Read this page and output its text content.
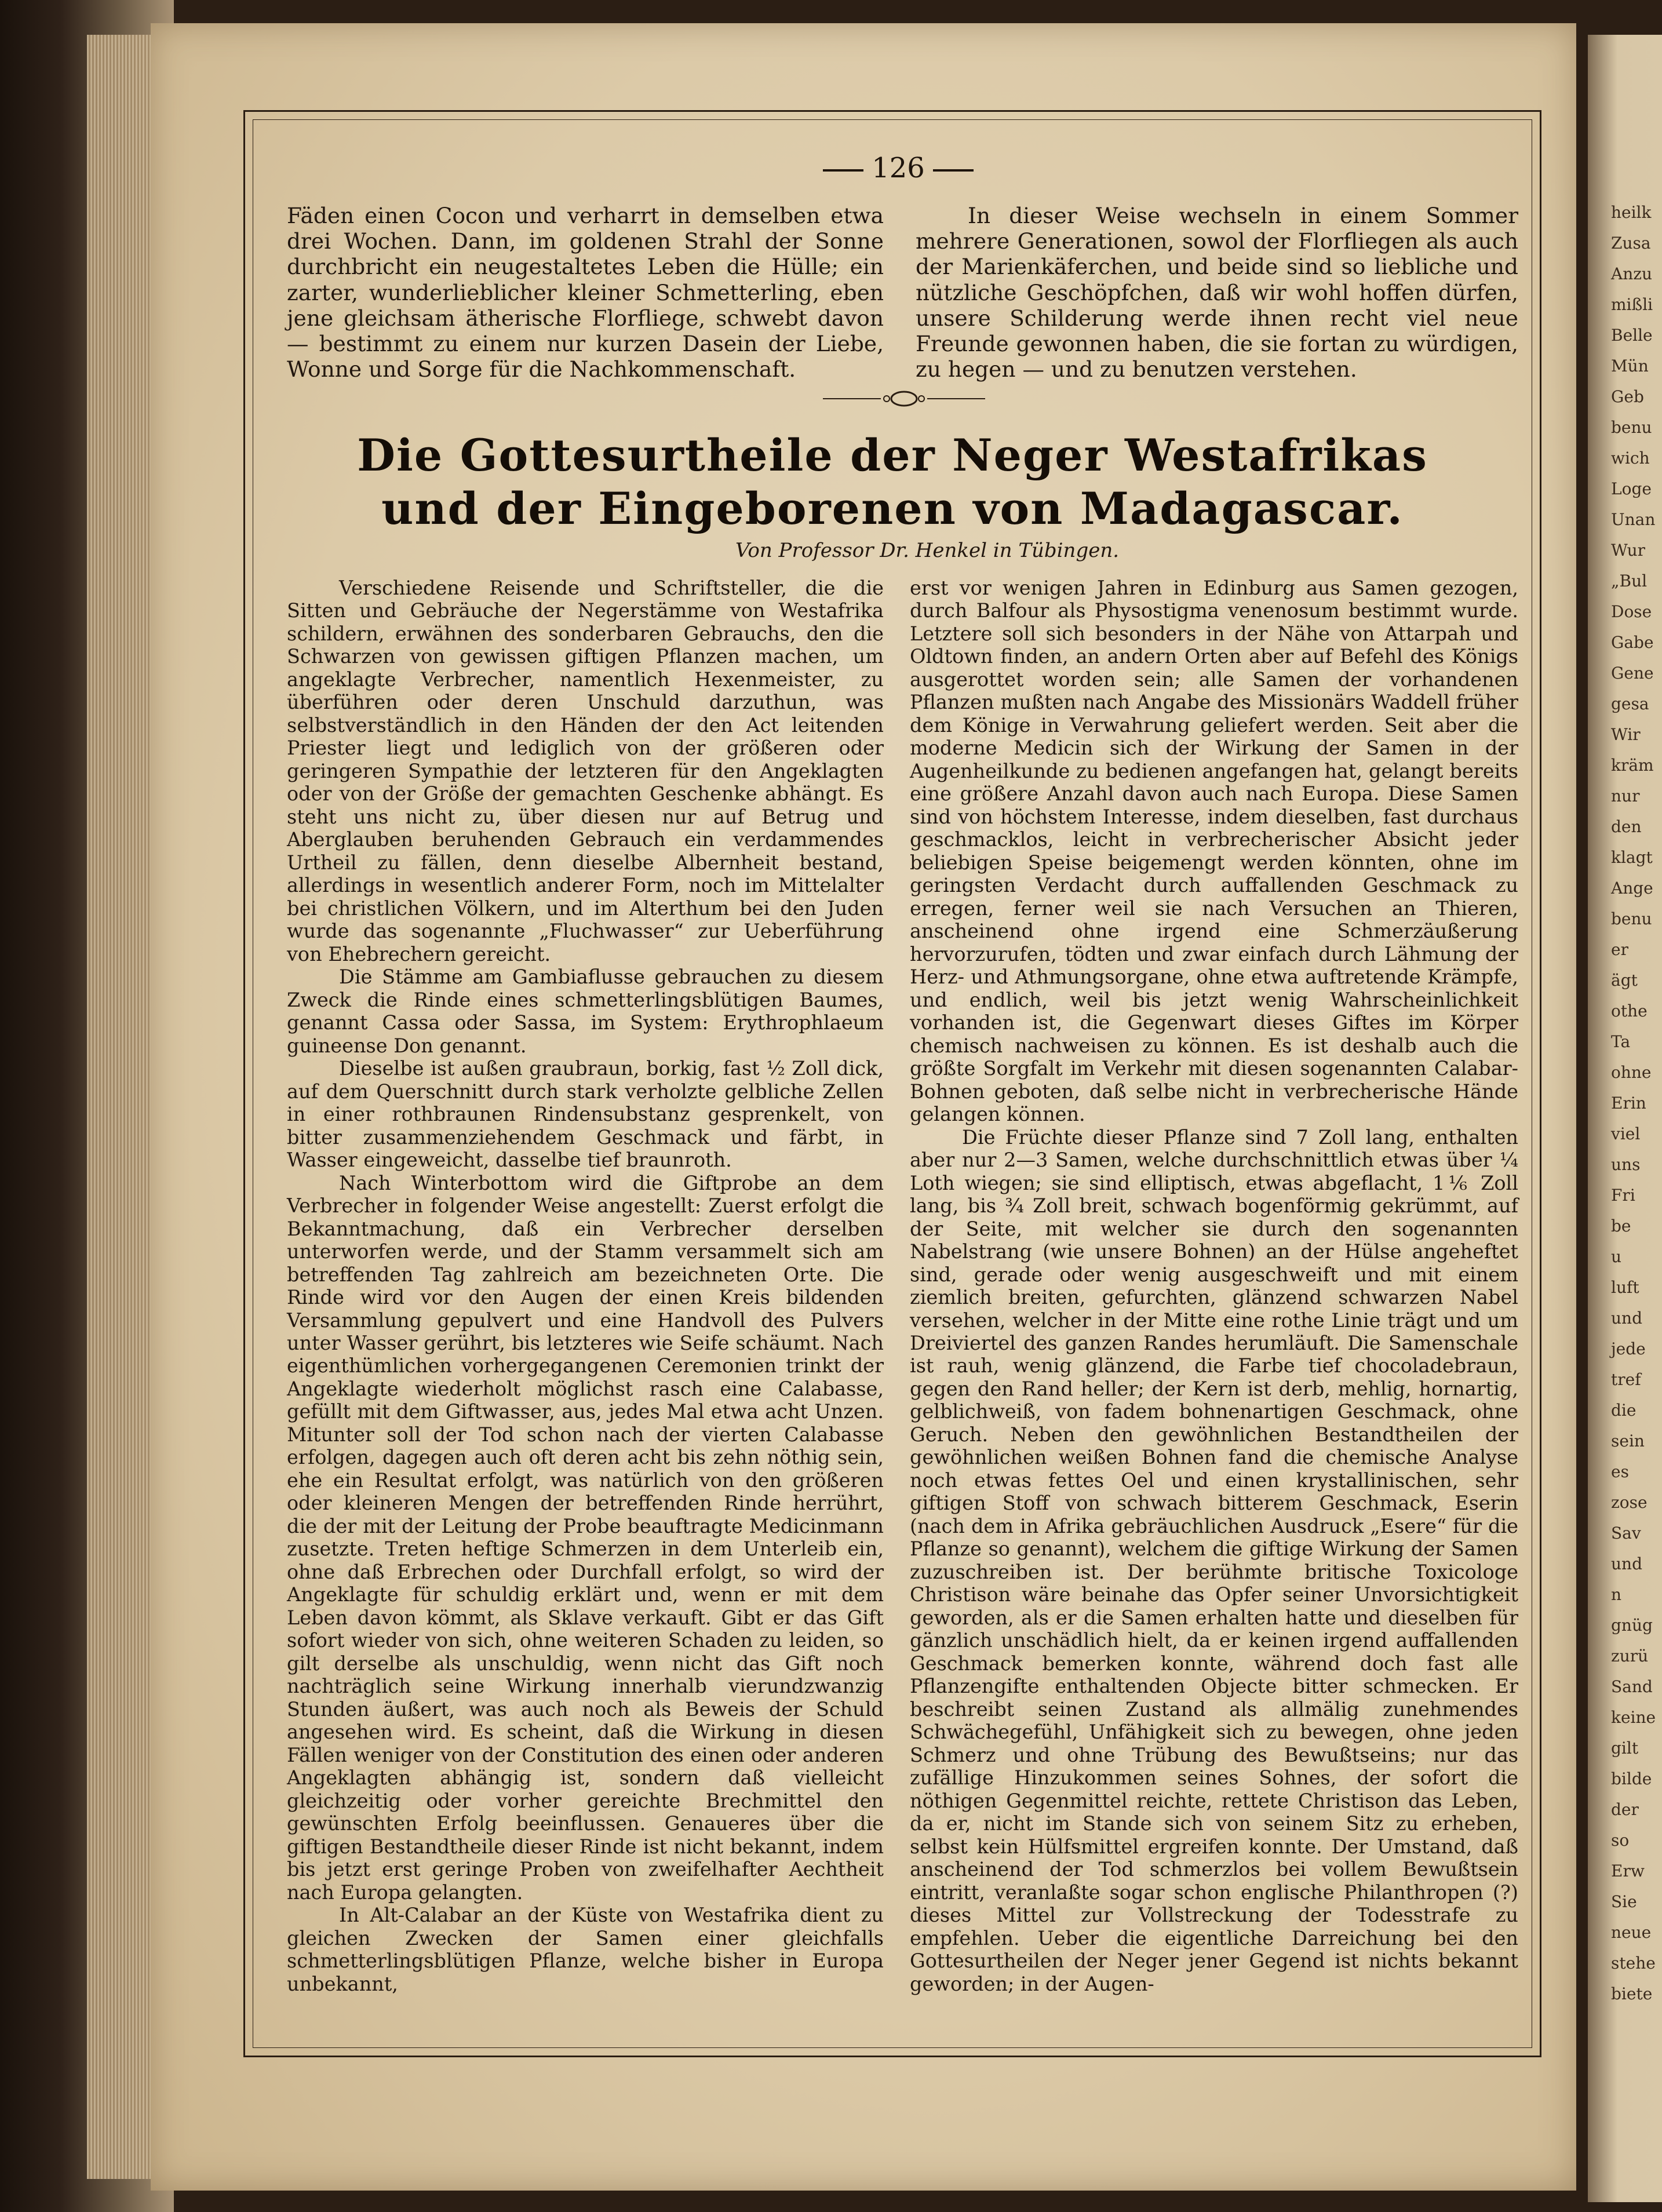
heilk
Zusa
Anzu
mißli
Belle
Mün
Geb
benu
wich
Loge
Unan
Wur
„Bul
Dose
Gabe
Gene
gesa
Wir
kräm
nur
den
klagt
Ange
benu
er
ägt
othe
Ta
ohne
Erin
viel
uns
Fri
be
u
luft
und
jede
tref
die
sein
es
zose
Sav
und
n
gnüg
zurü
Sand
keine
gilt
bilde
der
so
Erw
Sie
neue
stehe
biete
126

Fäden einen Cocon und verharrt in demselben etwa drei Wochen. Dann, im goldenen Strahl der Sonne durchbricht ein neugestaltetes Leben die Hülle; ein zarter, wunderlieblicher kleiner Schmetterling, eben jene gleichsam ätherische Florfliege, schwebt davon — bestimmt zu einem nur kurzen Dasein der Liebe, Wonne und Sorge für die Nachkommenschaft.

In dieser Weise wechseln in einem Sommer mehrere Generationen, sowol der Florfliegen als auch der Marienkäferchen, und beide sind so liebliche und nützliche Geschöpfchen, daß wir wohl hoffen dürfen, unsere Schilderung werde ihnen recht viel neue Freunde gewonnen haben, die sie fortan zu würdigen, zu hegen — und zu benutzen verstehen.

Die Gottesurtheile der Neger Westafrikas und der Eingeborenen von Madagascar.
Von Professor Dr. Henkel in Tübingen.

Verschiedene Reisende und Schriftsteller, die die Sitten und Gebräuche der Negerstämme von Westafrika schildern, erwähnen des sonderbaren Gebrauchs, den die Schwarzen von gewissen giftigen Pflanzen machen, um angeklagte Verbrecher, namentlich Hexenmeister, zu überführen oder deren Unschuld darzuthun, was selbstverständlich in den Händen der den Act leitenden Priester liegt und lediglich von der größeren oder geringeren Sympathie der letzteren für den Angeklagten oder von der Größe der gemachten Geschenke abhängt. Es steht uns nicht zu, über diesen nur auf Betrug und Aberglauben beruhenden Gebrauch ein verdammendes Urtheil zu fällen, denn dieselbe Albernheit bestand, allerdings in wesentlich anderer Form, noch im Mittelalter bei christlichen Völkern, und im Alterthum bei den Juden wurde das sogenannte „Fluchwasser“ zur Ueberführung von Ehebrechern gereicht.

Die Stämme am Gambiaflusse gebrauchen zu diesem Zweck die Rinde eines schmetterlingsblütigen Baumes, genannt Cassa oder Sassa, im System: Erythrophlaeum guineense Don genannt.

Dieselbe ist außen graubraun, borkig, fast ½ Zoll dick, auf dem Querschnitt durch stark verholzte gelbliche Zellen in einer rothbraunen Rindensubstanz gesprenkelt, von bitter zusammenziehendem Geschmack und färbt, in Wasser eingeweicht, dasselbe tief braunroth.

Nach Winterbottom wird die Giftprobe an dem Verbrecher in folgender Weise angestellt: Zuerst erfolgt die Bekanntmachung, daß ein Verbrecher derselben unterworfen werde, und der Stamm versammelt sich am betreffenden Tag zahlreich am bezeichneten Orte. Die Rinde wird vor den Augen der einen Kreis bildenden Versammlung gepulvert und eine Handvoll des Pulvers unter Wasser gerührt, bis letzteres wie Seife schäumt. Nach eigenthümlichen vorhergegangenen Ceremonien trinkt der Angeklagte wiederholt möglichst rasch eine Calabasse, gefüllt mit dem Giftwasser, aus, jedes Mal etwa acht Unzen. Mitunter soll der Tod schon nach der vierten Calabasse erfolgen, dagegen auch oft deren acht bis zehn nöthig sein, ehe ein Resultat erfolgt, was natürlich von den größeren oder kleineren Mengen der betreffenden Rinde herrührt, die der mit der Leitung der Probe beauftragte Medicinmann zusetzte. Treten heftige Schmerzen in dem Unterleib ein, ohne daß Erbrechen oder Durchfall erfolgt, so wird der Angeklagte für schuldig erklärt und, wenn er mit dem Leben davon kömmt, als Sklave verkauft. Gibt er das Gift sofort wieder von sich, ohne weiteren Schaden zu leiden, so gilt derselbe als unschuldig, wenn nicht das Gift noch nachträglich seine Wirkung innerhalb vierundzwanzig Stunden äußert, was auch noch als Beweis der Schuld angesehen wird. Es scheint, daß die Wirkung in diesen Fällen weniger von der Constitution des einen oder anderen Angeklagten abhängig ist, sondern daß vielleicht gleichzeitig oder vorher gereichte Brechmittel den gewünschten Erfolg beeinflussen. Genaueres über die giftigen Bestandtheile dieser Rinde ist nicht bekannt, indem bis jetzt erst geringe Proben von zweifelhafter Aechtheit nach Europa gelangten.

In Alt-Calabar an der Küste von Westafrika dient zu gleichen Zwecken der Samen einer gleichfalls schmetterlingsblütigen Pflanze, welche bisher in Europa unbekannt,

erst vor wenigen Jahren in Edinburg aus Samen gezogen, durch Balfour als Physostigma venenosum bestimmt wurde. Letztere soll sich besonders in der Nähe von Attarpah und Oldtown finden, an andern Orten aber auf Befehl des Königs ausgerottet worden sein; alle Samen der vorhandenen Pflanzen mußten nach Angabe des Missionärs Waddell früher dem Könige in Verwahrung geliefert werden. Seit aber die moderne Medicin sich der Wirkung der Samen in der Augenheilkunde zu bedienen angefangen hat, gelangt bereits eine größere Anzahl davon auch nach Europa. Diese Samen sind von höchstem Interesse, indem dieselben, fast durchaus geschmacklos, leicht in verbrecherischer Absicht jeder beliebigen Speise beigemengt werden könnten, ohne im geringsten Verdacht durch auffallenden Geschmack zu erregen, ferner weil sie nach Versuchen an Thieren, anscheinend ohne irgend eine Schmerzäußerung hervorzurufen, tödten und zwar einfach durch Lähmung der Herz- und Athmungsorgane, ohne etwa auftretende Krämpfe, und endlich, weil bis jetzt wenig Wahrscheinlichkeit vorhanden ist, die Gegenwart dieses Giftes im Körper chemisch nachweisen zu können. Es ist deshalb auch die größte Sorgfalt im Verkehr mit diesen sogenannten Calabar-Bohnen geboten, daß selbe nicht in verbrecherische Hände gelangen können.

Die Früchte dieser Pflanze sind 7 Zoll lang, enthalten aber nur 2—3 Samen, welche durchschnittlich etwas über ¼ Loth wiegen; sie sind elliptisch, etwas abgeflacht, 1⅙ Zoll lang, bis ¾ Zoll breit, schwach bogenförmig gekrümmt, auf der Seite, mit welcher sie durch den sogenannten Nabelstrang (wie unsere Bohnen) an der Hülse angeheftet sind, gerade oder wenig ausgeschweift und mit einem ziemlich breiten, gefurchten, glänzend schwarzen Nabel versehen, welcher in der Mitte eine rothe Linie trägt und um Dreiviertel des ganzen Randes herumläuft. Die Samenschale ist rauh, wenig glänzend, die Farbe tief chocoladebraun, gegen den Rand heller; der Kern ist derb, mehlig, hornartig, gelblichweiß, von fadem bohnenartigen Geschmack, ohne Geruch. Neben den gewöhnlichen Bestandtheilen der gewöhnlichen weißen Bohnen fand die chemische Analyse noch etwas fettes Oel und einen krystallinischen, sehr giftigen Stoff von schwach bitterem Geschmack, Eserin (nach dem in Afrika gebräuchlichen Ausdruck „Esere“ für die Pflanze so genannt), welchem die giftige Wirkung der Samen zuzuschreiben ist. Der berühmte britische Toxicologe Christison wäre beinahe das Opfer seiner Unvorsichtigkeit geworden, als er die Samen erhalten hatte und dieselben für gänzlich unschädlich hielt, da er keinen irgend auffallenden Geschmack bemerken konnte, während doch fast alle Pflanzengifte enthaltenden Objecte bitter schmecken. Er beschreibt seinen Zustand als allmälig zunehmendes Schwächegefühl, Unfähigkeit sich zu bewegen, ohne jeden Schmerz und ohne Trübung des Bewußtseins; nur das zufällige Hinzukommen seines Sohnes, der sofort die nöthigen Gegenmittel reichte, rettete Christison das Leben, da er, nicht im Stande sich von seinem Sitz zu erheben, selbst kein Hülfsmittel ergreifen konnte. Der Umstand, daß anscheinend der Tod schmerzlos bei vollem Bewußtsein eintritt, veranlaßte sogar schon englische Philanthropen (?) dieses Mittel zur Vollstreckung der Todesstrafe zu empfehlen. Ueber die eigentliche Darreichung bei den Gottesurtheilen der Neger jener Gegend ist nichts bekannt geworden; in der Augen-
